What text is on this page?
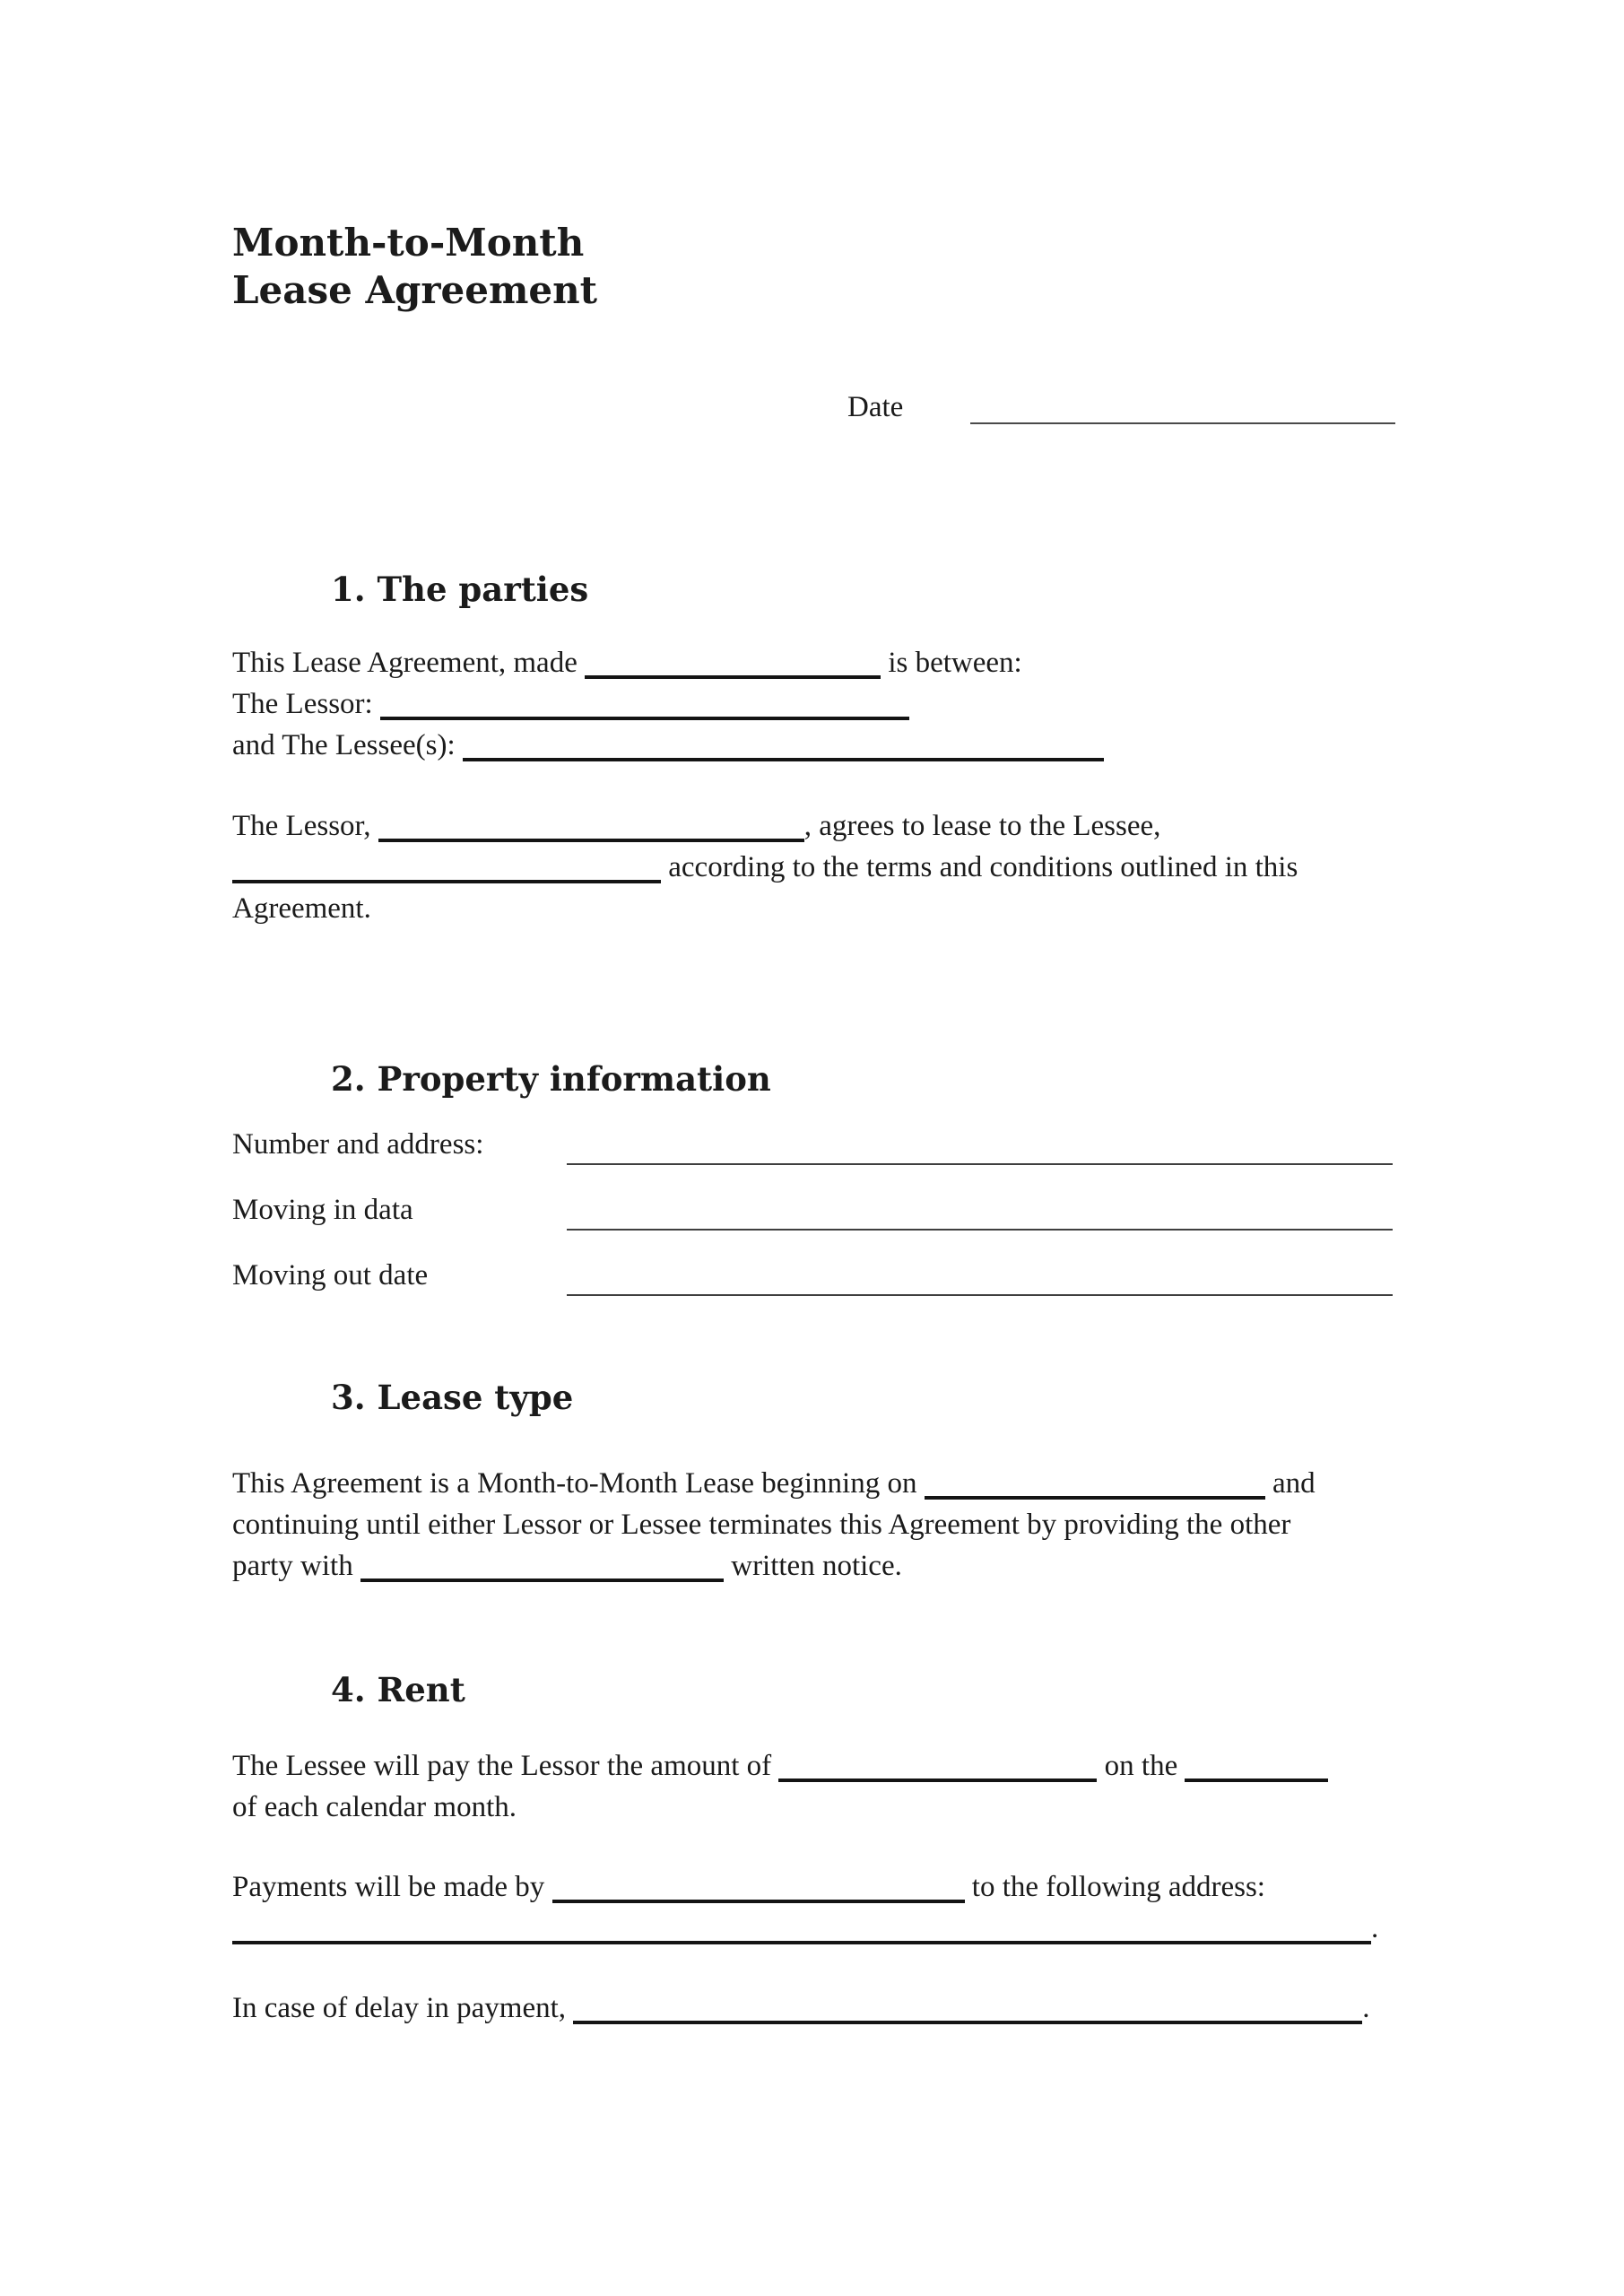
Month-to-Month
Lease Agreement
Date
1. The parties
This Lease Agreement, made	is between:
The Lessor:
and The Lessee(s):
The Lessor,	, agrees to lease to the Lessee,
according to the terms and conditions outlined in this
Agreement.
2. Property information
Number and address:
Moving in data
Moving out date
3. Lease type
This Agreement is a Month-to-Month Lease beginning on	and
continuing until either Lessor or Lessee terminates this Agreement by providing the other
party with	written notice.
4. Rent
The Lessee will pay the Lessor the amount of	on the
of each calendar month.
Payments will be made by	to the following address:
.
In case of delay in payment,	.
